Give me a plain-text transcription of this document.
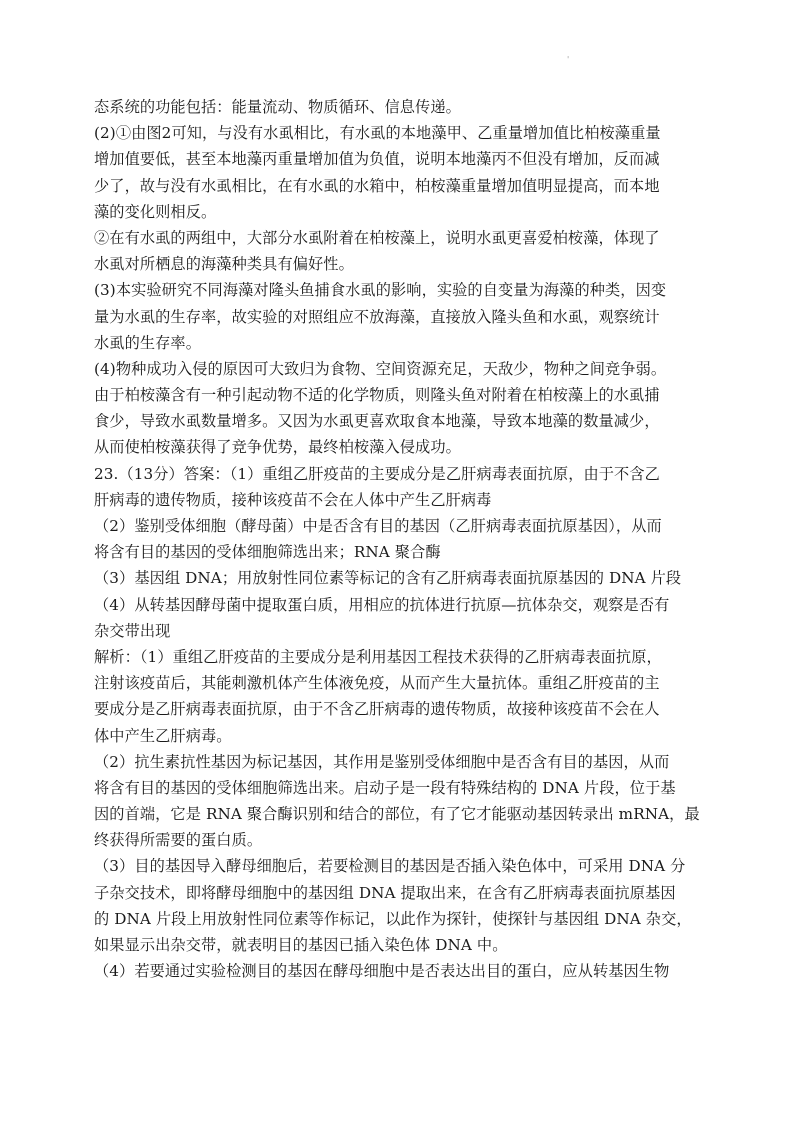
'
态系统的功能包括：能量流动、物质循环、信息传递。
(2)①由图2可知，与没有水虱相比，有水虱的本地藻甲、乙重量增加值比柏桉藻重量
增加值要低，甚至本地藻丙重量增加值为负值，说明本地藻丙不但没有增加，反而减
少了，故与没有水虱相比，在有水虱的水箱中，柏桉藻重量增加值明显提高，而本地
藻的变化则相反。
②在有水虱的两组中，大部分水虱附着在柏桉藻上，说明水虱更喜爱柏桉藻，体现了
水虱对所栖息的海藻种类具有偏好性。
(3)本实验研究不同海藻对隆头鱼捕食水虱的影响，实验的自变量为海藻的种类，因变
量为水虱的生存率，故实验的对照组应不放海藻，直接放入隆头鱼和水虱，观察统计
水虱的生存率。
(4)物种成功入侵的原因可大致归为食物、空间资源充足，天敌少，物种之间竞争弱。
由于柏桉藻含有一种引起动物不适的化学物质，则隆头鱼对附着在柏桉藻上的水虱捕
食少，导致水虱数量增多。又因为水虱更喜欢取食本地藻，导致本地藻的数量减少，
从而使柏桉藻获得了竞争优势，最终柏桉藻入侵成功。
23.（13分）答案：（1）重组乙肝疫苗的主要成分是乙肝病毒表面抗原，由于不含乙
肝病毒的遗传物质，接种该疫苗不会在人体中产生乙肝病毒
（2）鉴别受体细胞（酵母菌）中是否含有目的基因（乙肝病毒表面抗原基因），从而
将含有目的基因的受体细胞筛选出来；RNA 聚合酶
（3）基因组 DNA；用放射性同位素等标记的含有乙肝病毒表面抗原基因的 DNA 片段
（4）从转基因酵母菌中提取蛋白质，用相应的抗体进行抗原—抗体杂交，观察是否有
杂交带出现
解析：（1）重组乙肝疫苗的主要成分是利用基因工程技术获得的乙肝病毒表面抗原，
注射该疫苗后，其能刺激机体产生体液免疫，从而产生大量抗体。重组乙肝疫苗的主
要成分是乙肝病毒表面抗原，由于不含乙肝病毒的遗传物质，故接种该疫苗不会在人
体中产生乙肝病毒。
（2）抗生素抗性基因为标记基因，其作用是鉴别受体细胞中是否含有目的基因，从而
将含有目的基因的受体细胞筛选出来。启动子是一段有特殊结构的 DNA 片段，位于基
因的首端，它是 RNA 聚合酶识别和结合的部位，有了它才能驱动基因转录出 mRNA，最
终获得所需要的蛋白质。
（3）目的基因导入酵母细胞后，若要检测目的基因是否插入染色体中，可采用 DNA 分
子杂交技术，即将酵母细胞中的基因组 DNA 提取出来，在含有乙肝病毒表面抗原基因
的 DNA 片段上用放射性同位素等作标记，以此作为探针，使探针与基因组 DNA 杂交，
如果显示出杂交带，就表明目的基因已插入染色体 DNA 中。
（4）若要通过实验检测目的基因在酵母细胞中是否表达出目的蛋白，应从转基因生物
